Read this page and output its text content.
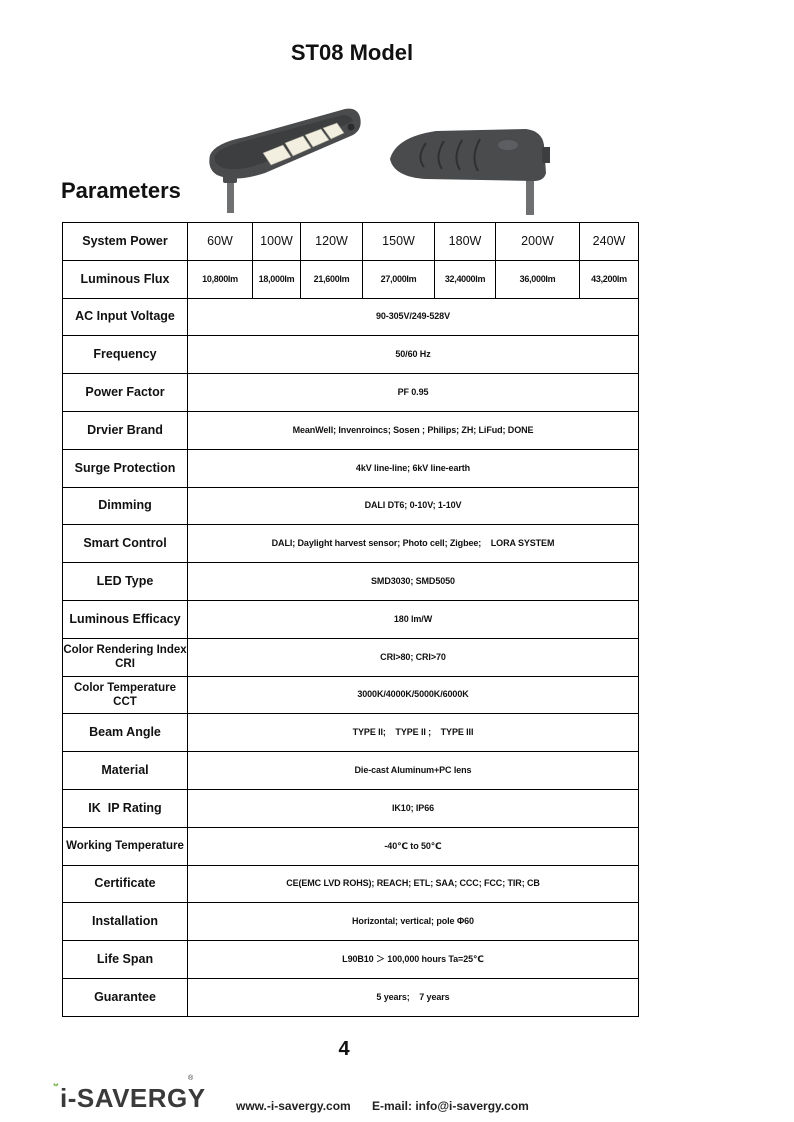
ST08 Model
Parameters
System Power	60W	100W	120W	150W	180W	200W	240W
Luminous Flux	10,800lm	18,000lm	21,600lm	27,000lm	32,4000lm	36,000lm	43,200lm
AC Input Voltage	90-305V/249-528V						
Frequency	50/60 Hz						
Power Factor	PF 0.95						
Drvier Brand	MeanWell; Invenroincs; Sosen ; Philips; ZH; LiFud; DONE						
Surge Protection	4kV line-line; 6kV line-earth						
Dimming	DALI DT6; 0-10V; 1-10V						
Smart Control	DALI; Daylight harvest sensor; Photo cell; Zigbee;    LORA SYSTEM						
LED Type	SMD3030; SMD5050						
Luminous Efficacy	180 lm/W						
Color Rendering Index CRI	CRI>80; CRI>70						
Color Temperature CCT	3000K/4000K/5000K/6000K						
Beam Angle	TYPE II;    TYPE II ;    TYPE III						
Material	Die-cast Aluminum+PC lens						
IK  IP Rating	IK10; IP66						
Working Temperature	-40℃ to 50℃						
Certificate	CE(EMC LVD ROHS); REACH; ETL; SAA; CCC; FCC; TIR; CB						
Installation	Horizontal; vertical; pole Φ60						
Life Span	L90B10 ＞ 100,000 hours Ta=25℃						
Guarantee	5 years;    7 years						
4
i-SAVERGY
®
www.-i-savergy.com E-mail: info@i-savergy.com
